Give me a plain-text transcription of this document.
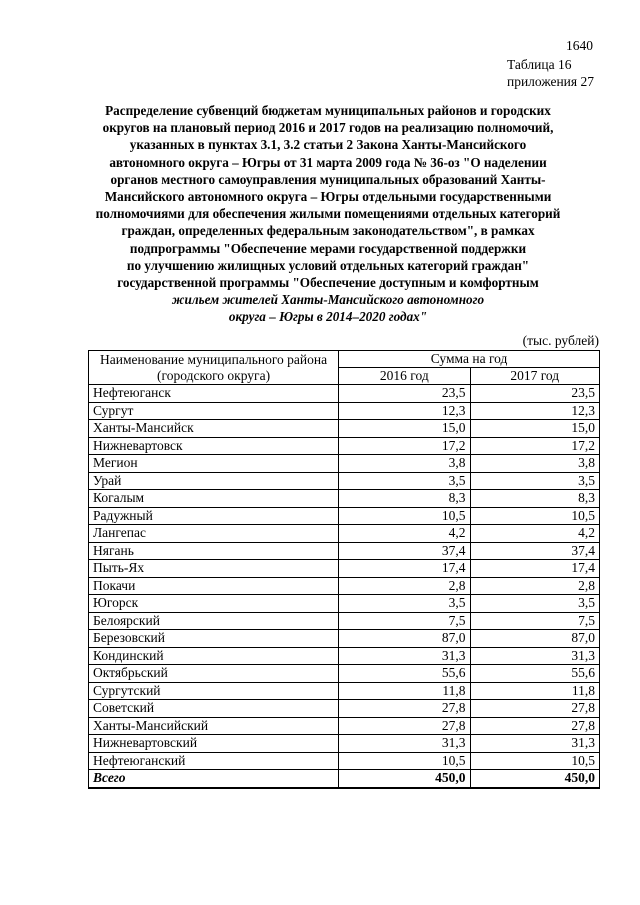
1640
Таблица 16
приложения 27
Распределение субвенций бюджетам муниципальных районов и городских
округов на плановый период 2016 и 2017 годов на реализацию полномочий,
указанных в пунктах 3.1, 3.2 статьи 2 Закона Ханты-Мансийского
автономного округа – Югры от 31 марта 2009 года № 36-оз "О наделении
органов местного самоуправления муниципальных образований Ханты-
Мансийского автономного округа – Югры отдельными государственными
полномочиями для обеспечения жилыми помещениями отдельных категорий
граждан, определенных федеральным законодательством", в рамках
подпрограммы "Обеспечение мерами государственной поддержки
по улучшению жилищных условий отдельных категорий граждан"
государственной программы "Обеспечение доступным и комфортным
жильем жителей Ханты-Мансийского автономного
округа – Югры в 2014–2020 годах"
(тыс. рублей)
Наименование муниципального района
(городского округа)	Сумма на год	
	2016 год	2017 год
Нефтеюганск	23,5	23,5
Сургут	12,3	12,3
Ханты-Мансийск	15,0	15,0
Нижневартовск	17,2	17,2
Мегион	3,8	3,8
Урай	3,5	3,5
Когалым	8,3	8,3
Радужный	10,5	10,5
Лангепас	4,2	4,2
Нягань	37,4	37,4
Пыть-Ях	17,4	17,4
Покачи	2,8	2,8
Югорск	3,5	3,5
Белоярский	7,5	7,5
Березовский	87,0	87,0
Кондинский	31,3	31,3
Октябрьский	55,6	55,6
Сургутский	11,8	11,8
Советский	27,8	27,8
Ханты-Мансийский	27,8	27,8
Нижневартовский	31,3	31,3
Нефтеюганский	10,5	10,5
Всего	450,0	450,0
